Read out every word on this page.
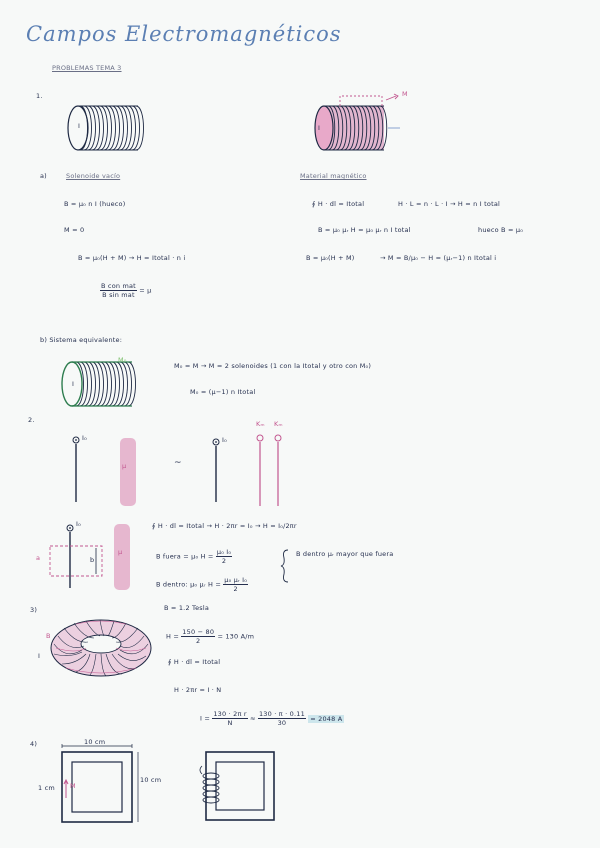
Campos Electromagnéticos
PROBLEMAS TEMA 3
1.
I	I
M
a)	Solenoide vacío	Material magnético
B = μ₀ n I (hueco)
M = 0
B = μ₀(H + M) → H = Itotal · n i
$\frac{\text{B con mat}}{\text{B sin mat}} = \mu$
∮ H · dl = Itotal	H · L = n · L · I → H = n I total
B = μ₀ μᵣ H = μ₀ μᵣ n I total	hueco B = μ₀
B = μ₀(H + M)	→ M = B/μ₀ − H = (μᵣ−1) n Itotal i
b) Sistema equivalente:
I
M₀
M₀ = M → M = 2 solenoides (1 con la Itotal y otro con M₀)
M₀ = (μ−1) n Itotal
2.
I₀
μ	~
I₀
Kₘ Kₘ
I₀
μ
a	b
∮ H · dl = Itotal → H · 2πr = I₀ → H = I₀/2πr
B fuera = μ₀ $H = \frac{\text{μ₀ I₀}}{2}$
B dentro: μ₀ μᵣ $H = \frac{\text{μ₀ μᵣ I₀}}{2}$
B dentro μᵣ mayor que fuera
3)
B
I
B = 1.2 Tesla
$H = \frac{150 - 80}{2} = 130$ A/m
∮ H · dl = Itotal
H · 2πr = I · N
$I = \frac{\text{130 · 2π r}}{N} \approx \frac{130 \cdot \pi \cdot 0.11}{30} = 2048$ A
4)	10 cm
10 cm
1 cm M
